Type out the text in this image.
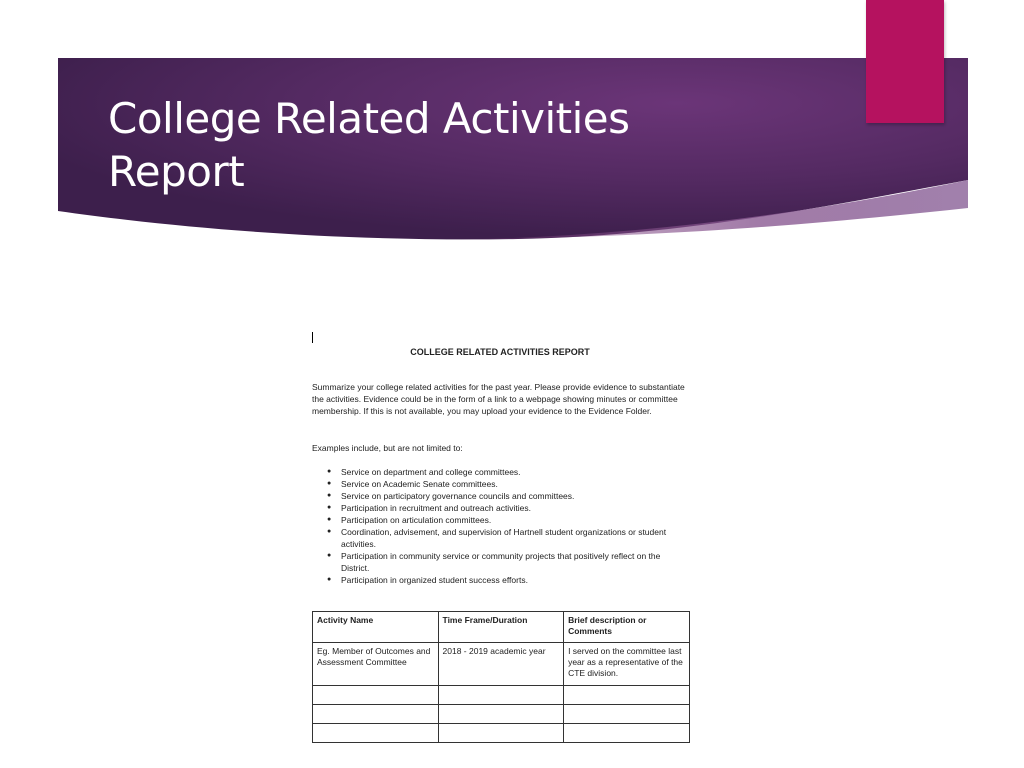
College Related Activities
Report
COLLEGE RELATED ACTIVITIES REPORT

Summarize your college related activities for the past year. Please provide evidence to substantiate the activities. Evidence could be in the form of a link to a webpage showing minutes or committee membership. If this is not available, you may upload your evidence to the Evidence Folder.

Examples include, but are not limited to:

● Service on department and college committees.
● Service on Academic Senate committees.
● Service on participatory governance councils and committees.
● Participation in recruitment and outreach activities.
● Participation on articulation committees.
● Coordination, advisement, and supervision of Hartnell student organizations or student activities.
● Participation in community service or community projects that positively reflect on the District.
● Participation in organized student success efforts.
Activity Name	Time Frame/Duration	Brief description or Comments
Eg. Member of Outcomes and Assessment Committee	2018 - 2019 academic year	I served on the committee last year as a representative of the CTE division.
